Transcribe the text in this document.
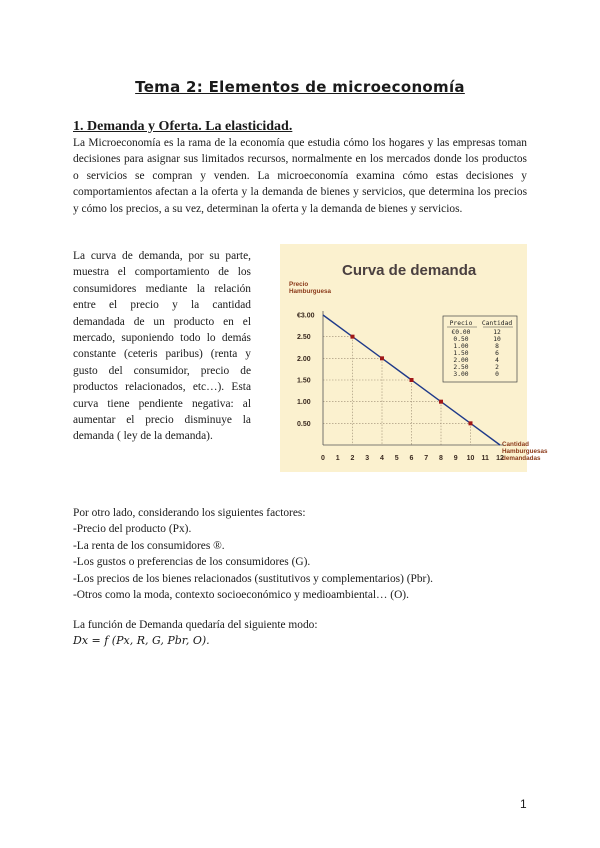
Tema 2: Elementos de microeconomía
1. Demanda y Oferta. La elasticidad.
La Microeconomía es la rama de la economía que estudia cómo los hogares y las empresas toman decisiones para asignar sus limitados recursos, normalmente en los mercados donde los productos o servicios se compran y venden. La microeconomía examina cómo estas decisiones y comportamientos afectan a la oferta y la demanda de bienes y servicios, que determina los precios y cómo los precios, a su vez, determinan la oferta y la demanda de bienes y servicios.
La curva de demanda, por su parte, muestra el comportamiento de los consumidores mediante la relación entre el precio y la cantidad demandada de un producto en el mercado, suponiendo todo lo demás constante (ceteris paribus) (renta y gusto del consumidor, precio de productos relacionados, etc…). Esta curva tiene pendiente negativa: al aumentar el precio disminuye la demanda ( ley de la demanda).
Curva de demanda
Precio
Hamburguesa
Cantidad
Hamburguesas
demandadas
€3.00
2.50
2.00
1.50
1.00
0.50
0 1 2 3 4 5 6 7 8 9 10 11 12
Precio Cantidad
€0.00	12
0.50	10
1.00	8
1.50	6
2.00	4
2.50	2
3.00	0
Por otro lado, considerando los siguientes factores:
-Precio del producto (Px).
-La renta de los consumidores ®.
-Los gustos o preferencias de los consumidores (G).
-Los precios de los bienes relacionados (sustitutivos y complementarios) (Pbr).
-Otros como la moda, contexto socioeconómico y medioambiental… (O).
La función de Demanda quedaría del siguiente modo:
Dx = f (Px, R, G, Pbr, O).
1
